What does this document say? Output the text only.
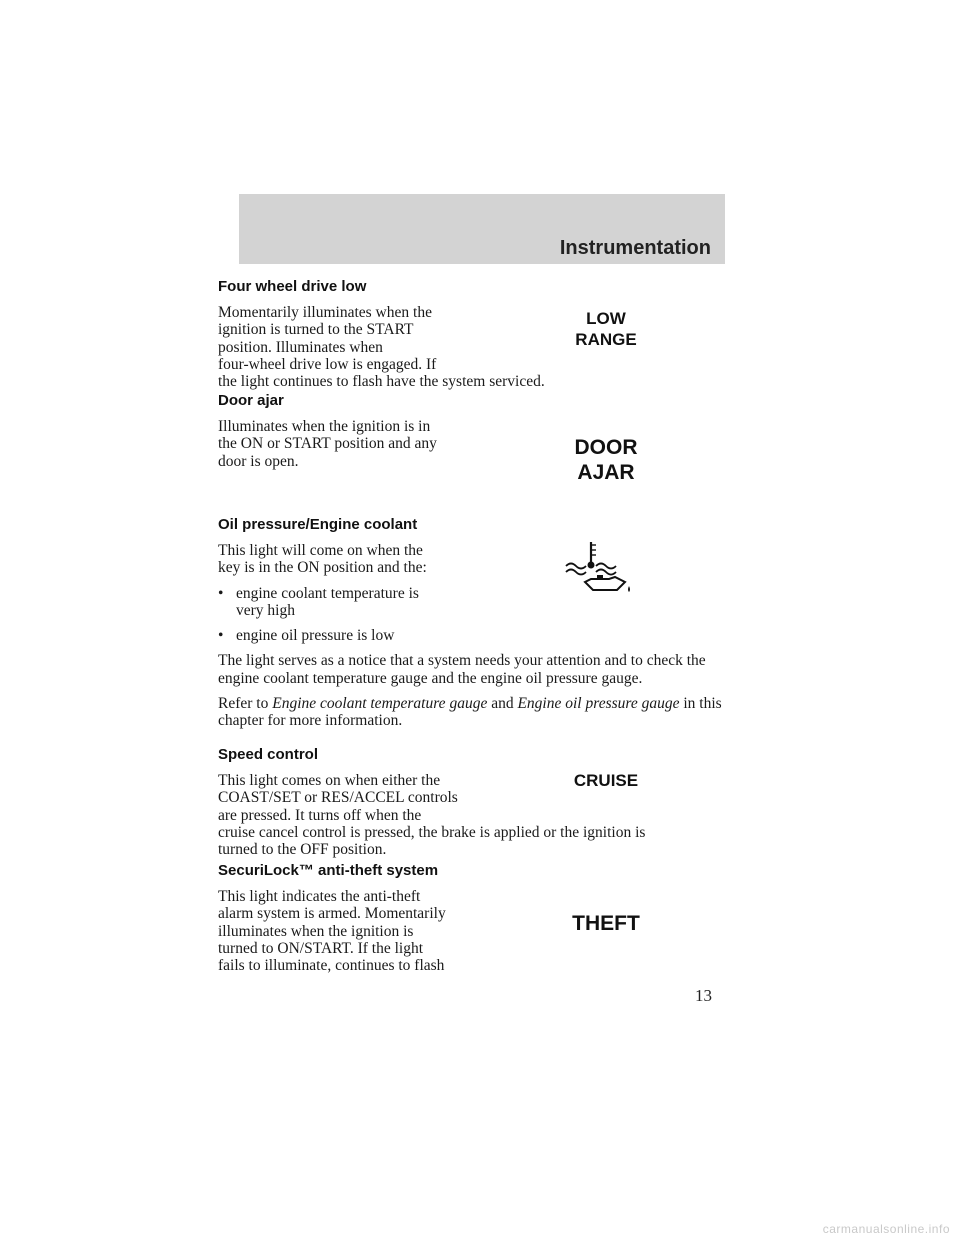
Instrumentation
Four wheel drive low
Momentarily illuminates when the
ignition is turned to the START
position. Illuminates when
four-wheel drive low is engaged. If
the light continues to flash have the system serviced.
LOW
RANGE
Door ajar
Illuminates when the ignition is in
the ON or START position and any
door is open.
DOOR
AJAR
Oil pressure/Engine coolant
This light will come on when the
key is in the ON position and the:
• engine coolant temperature is
very high
• engine oil pressure is low
The light serves as a notice that a system needs your attention and to check the engine coolant temperature gauge and the engine oil pressure gauge.
Refer to Engine coolant temperature gauge and Engine oil pressure gauge in this chapter for more information.
Speed control
This light comes on when either the
COAST/SET or RES/ACCEL controls
are pressed. It turns off when the
cruise cancel control is pressed, the brake is applied or the ignition is
turned to the OFF position.
CRUISE
SecuriLock™ anti-theft system
This light indicates the anti-theft
alarm system is armed. Momentarily
illuminates when the ignition is
turned to ON/START. If the light
fails to illuminate, continues to flash
THEFT
13
carmanualsonline.info
